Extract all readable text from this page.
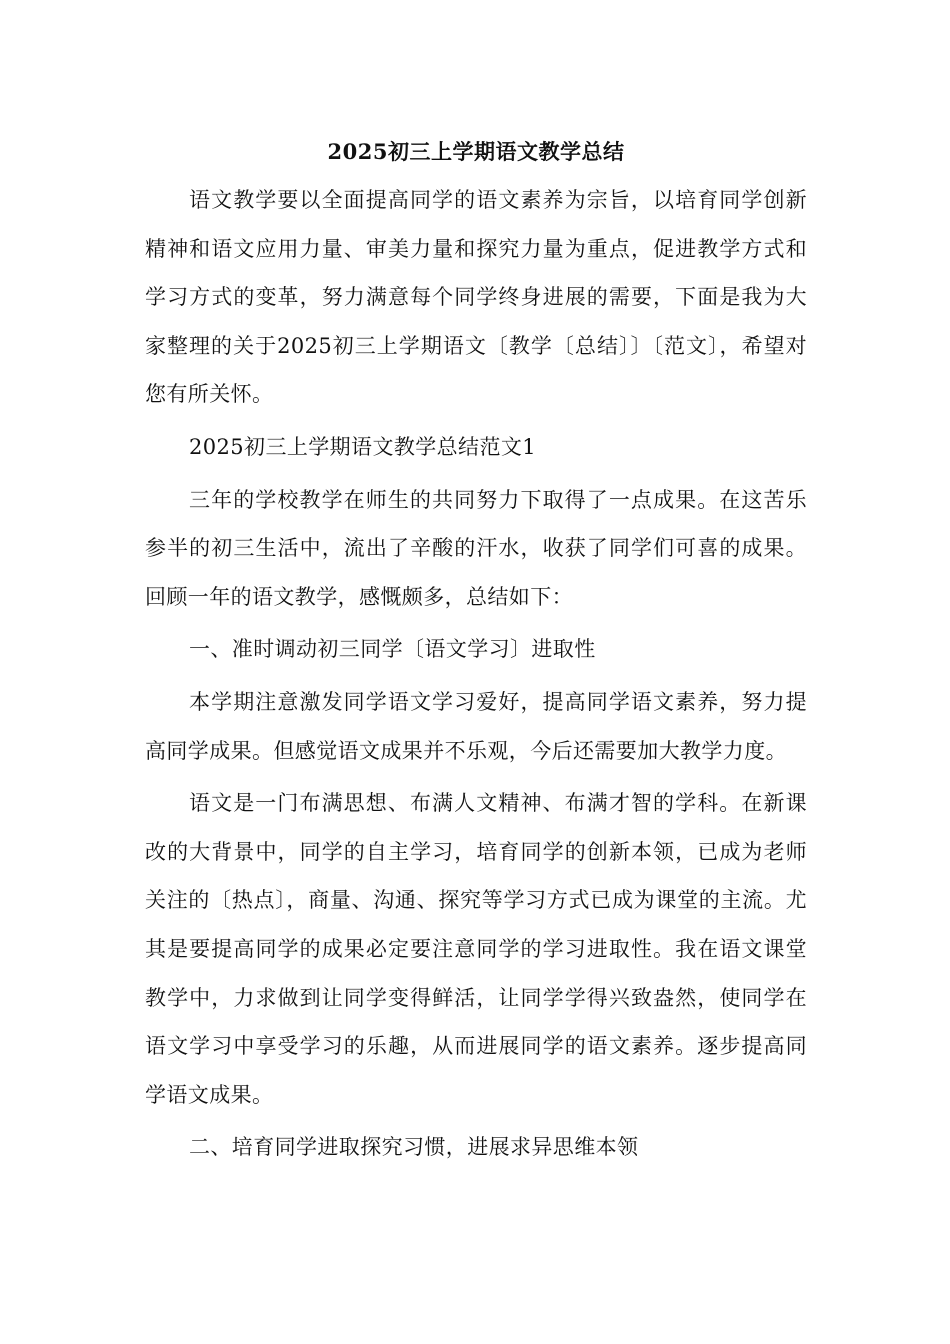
2025初三上学期语文教学总结

语文教学要以全面提高同学的语文素养为宗旨，以培育同学创新精神和语文应用力量、审美力量和探究力量为重点，促进教学方式和学习方式的变革，努力满意每个同学终身进展的需要，下面是我为大家整理的关于2025初三上学期语文〔教学〔总结〕〕〔范文〕，希望对您有所关怀。

2025初三上学期语文教学总结范文1

三年的学校教学在师生的共同努力下取得了一点成果。在这苦乐参半的初三生活中，流出了辛酸的汗水，收获了同学们可喜的成果。回顾一年的语文教学，感慨颇多，总结如下：

一、准时调动初三同学〔语文学习〕进取性

本学期注意激发同学语文学习爱好，提高同学语文素养，努力提高同学成果。但感觉语文成果并不乐观，今后还需要加大教学力度。

语文是一门布满思想、布满人文精神、布满才智的学科。在新课改的大背景中，同学的自主学习，培育同学的创新本领，已成为老师关注的〔热点〕，商量、沟通、探究等学习方式已成为课堂的主流。尤其是要提高同学的成果必定要注意同学的学习进取性。我在语文课堂教学中，力求做到让同学变得鲜活，让同学学得兴致盎然，使同学在语文学习中享受学习的乐趣，从而进展同学的语文素养。逐步提高同学语文成果。

二、培育同学进取探究习惯，进展求异思维本领
